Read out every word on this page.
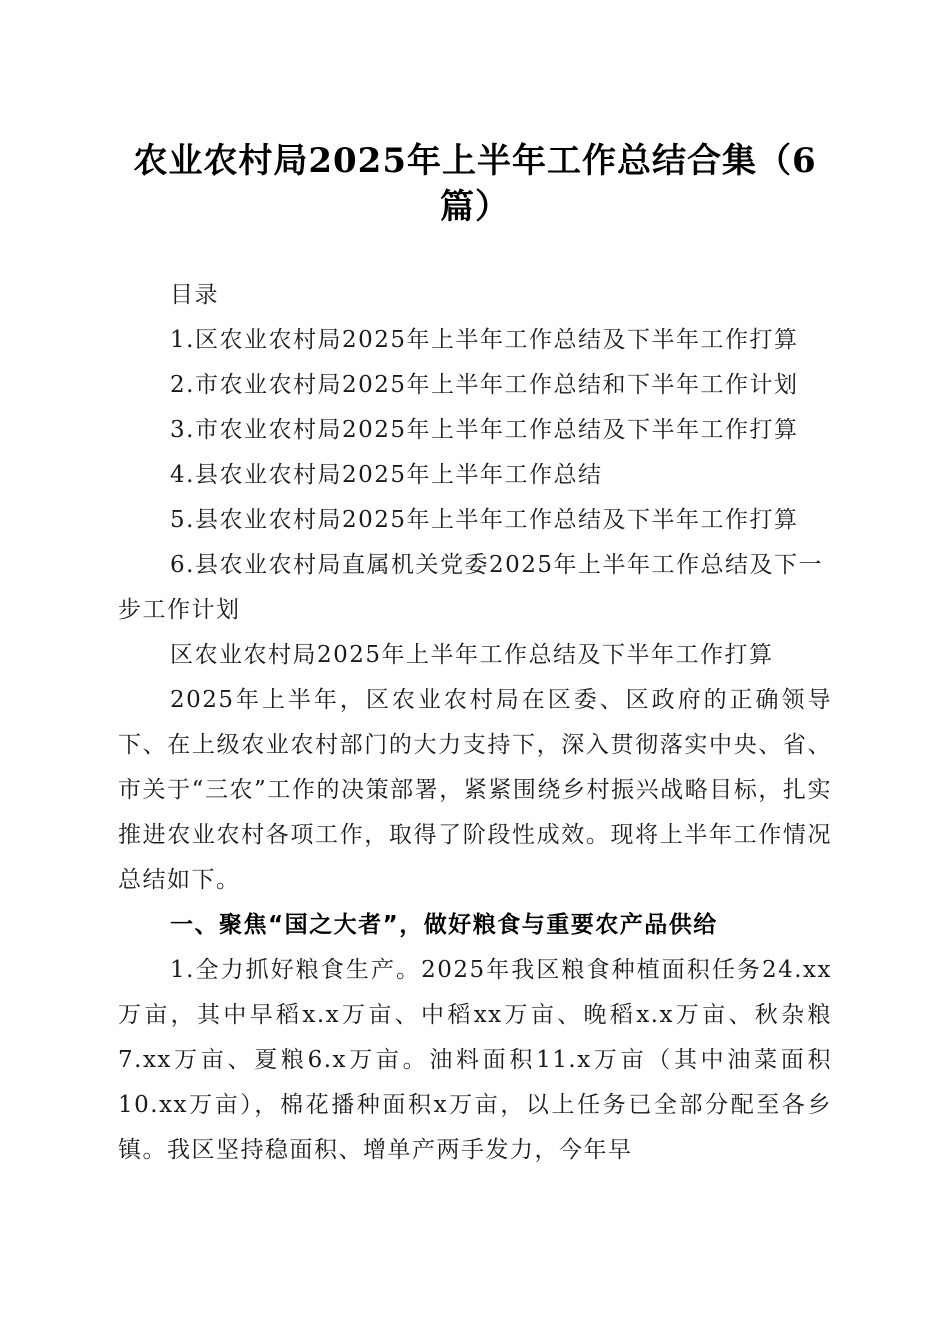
农业农村局2025年上半年工作总结合集（6篇）

目录

1.区农业农村局2025年上半年工作总结及下半年工作打算

2.市农业农村局2025年上半年工作总结和下半年工作计划

3.市农业农村局2025年上半年工作总结及下半年工作打算

4.县农业农村局2025年上半年工作总结

5.县农业农村局2025年上半年工作总结及下半年工作打算

6.县农业农村局直属机关党委2025年上半年工作总结及下一步工作计划

区农业农村局2025年上半年工作总结及下半年工作打算

2025年上半年，区农业农村局在区委、区政府的正确领导下、在上级农业农村部门的大力支持下，深入贯彻落实中央、省、市关于“三农”工作的决策部署，紧紧围绕乡村振兴战略目标，扎实推进农业农村各项工作，取得了阶段性成效。现将上半年工作情况总结如下。

一、聚焦“国之大者”，做好粮食与重要农产品供给

1.全力抓好粮食生产。2025年我区粮食种植面积任务24.xx万亩，其中早稻x.x万亩、中稻xx万亩、晚稻x.x万亩、秋杂粮7.xx万亩、夏粮6.x万亩。油料面积11.x万亩（其中油菜面积10.xx万亩），棉花播种面积x万亩，以上任务已全部分配至各乡镇。我区坚持稳面积、增单产两手发力，今年早
